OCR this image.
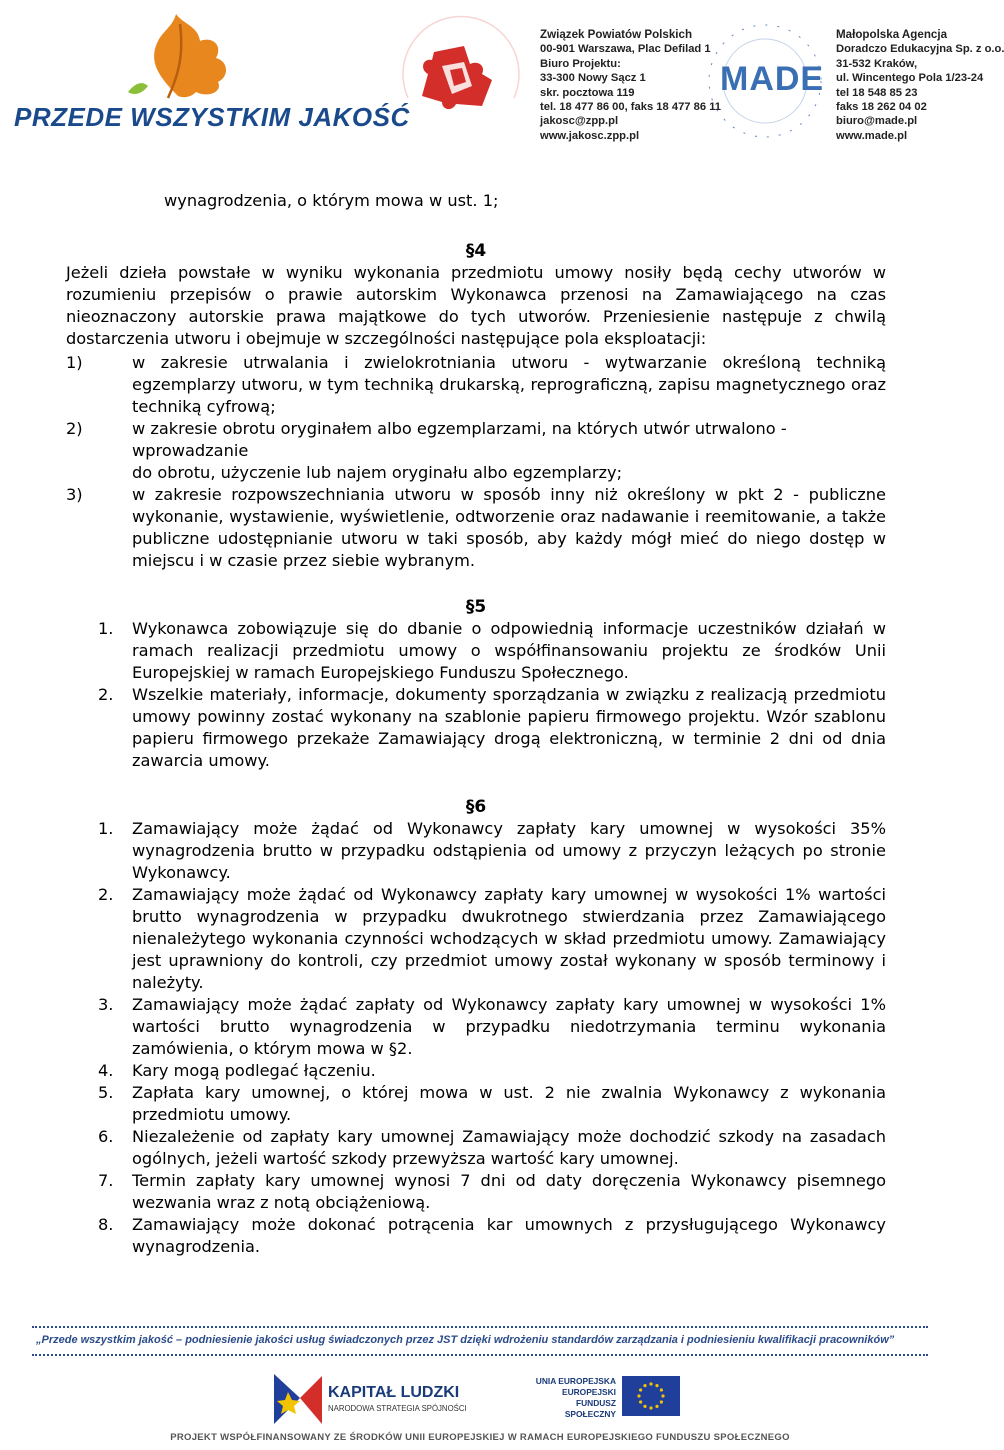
PRZEDE WSZYSTKIM JAKOŚĆ
Związek Powiatów Polskich
00-901 Warszawa, Plac Defilad 1
Biuro Projektu:
33-300 Nowy Sącz 1
skr. pocztowa 119
tel. 18 477 86 00, faks 18 477 86 11
jakosc@zpp.pl
www.jakosc.zpp.pl
MADE
Małopolska Agencja
Doradczo Edukacyjna Sp. z o.o.
31-532 Kraków,
ul. Wincentego Pola 1/23-24
tel 18 548 85 23
faks 18 262 04 02
biuro@made.pl
www.made.pl

wynagrodzenia, o którym mowa w ust. 1;

§4

Jeżeli dzieła powstałe w wyniku wykonania przedmiotu umowy nosiły będą cechy utworów w rozumieniu przepisów o prawie autorskim Wykonawca przenosi na Zamawiającego na czas nieoznaczony autorskie prawa majątkowe do tych utworów. Przeniesienie następuje z chwilą dostarczenia utworu i obejmuje w szczególności następujące pola eksploatacji:

1)	w zakresie utrwalania i zwielokrotniania utworu - wytwarzanie określoną techniką egzemplarzy utworu, w tym techniką drukarską, reprograficzną, zapisu magnetycznego oraz techniką cyfrową;
2)	w zakresie obrotu oryginałem albo egzemplarzami, na których utwór utrwalono - wprowadzanie
do obrotu, użyczenie lub najem oryginału albo egzemplarzy;
3)	w zakresie rozpowszechniania utworu w sposób inny niż określony w pkt 2 - publiczne wykonanie, wystawienie, wyświetlenie, odtworzenie oraz nadawanie i reemitowanie, a także publiczne udostępnianie utworu w taki sposób, aby każdy mógł mieć do niego dostęp w miejscu i w czasie przez siebie wybranym.

§5

1. Wykonawca zobowiązuje się do dbanie o odpowiednią informacje uczestników działań w ramach realizacji przedmiotu umowy o współfinansowaniu projektu ze środków Unii Europejskiej w ramach Europejskiego Funduszu Społecznego.
2. Wszelkie materiały, informacje, dokumenty sporządzania w związku z realizacją przedmiotu umowy powinny zostać wykonany na szablonie papieru firmowego projektu. Wzór szablonu papieru firmowego przekaże Zamawiający drogą elektroniczną, w terminie 2 dni od dnia zawarcia umowy.

§6

1. Zamawiający może żądać od Wykonawcy zapłaty kary umownej w wysokości 35% wynagrodzenia brutto w przypadku odstąpienia od umowy z przyczyn leżących po stronie Wykonawcy.
2. Zamawiający może żądać od Wykonawcy zapłaty kary umownej w wysokości 1% wartości brutto wynagrodzenia w przypadku dwukrotnego stwierdzania przez Zamawiającego nienależytego wykonania czynności wchodzących w skład przedmiotu umowy. Zamawiający jest uprawniony do kontroli, czy przedmiot umowy został wykonany w sposób terminowy i należyty.
3. Zamawiający może żądać zapłaty od Wykonawcy zapłaty kary umownej w wysokości 1% wartości brutto wynagrodzenia w przypadku niedotrzymania terminu wykonania zamówienia, o którym mowa w §2.
4. Kary mogą podlegać łączeniu.
5. Zapłata kary umownej, o której mowa w ust. 2 nie zwalnia Wykonawcy z wykonania przedmiotu umowy.
6. Niezależenie od zapłaty kary umownej Zamawiający może dochodzić szkody na zasadach ogólnych, jeżeli wartość szkody przewyższa wartość kary umownej.
7. Termin zapłaty kary umownej wynosi 7 dni od daty doręczenia Wykonawcy pisemnego wezwania wraz z notą obciążeniową.
8. Zamawiający może dokonać potrącenia kar umownych z przysługującego Wykonawcy wynagrodzenia.
„Przede wszystkim jakość – podniesienie jakości usług świadczonych przez JST dzięki wdrożeniu standardów zarządzania i podniesieniu kwalifikacji pracowników”
KAPITAŁ LUDZKI
NARODOWA STRATEGIA SPÓJNOŚCI
UNIA EUROPEJSKA EUROPEJSKI FUNDUSZ SPOŁECZNY
PROJEKT WSPÓŁFINANSOWANY ZE ŚRODKÓW UNII EUROPEJSKIEJ W RAMACH EUROPEJSKIEGO FUNDUSZU SPOŁECZNEGO
